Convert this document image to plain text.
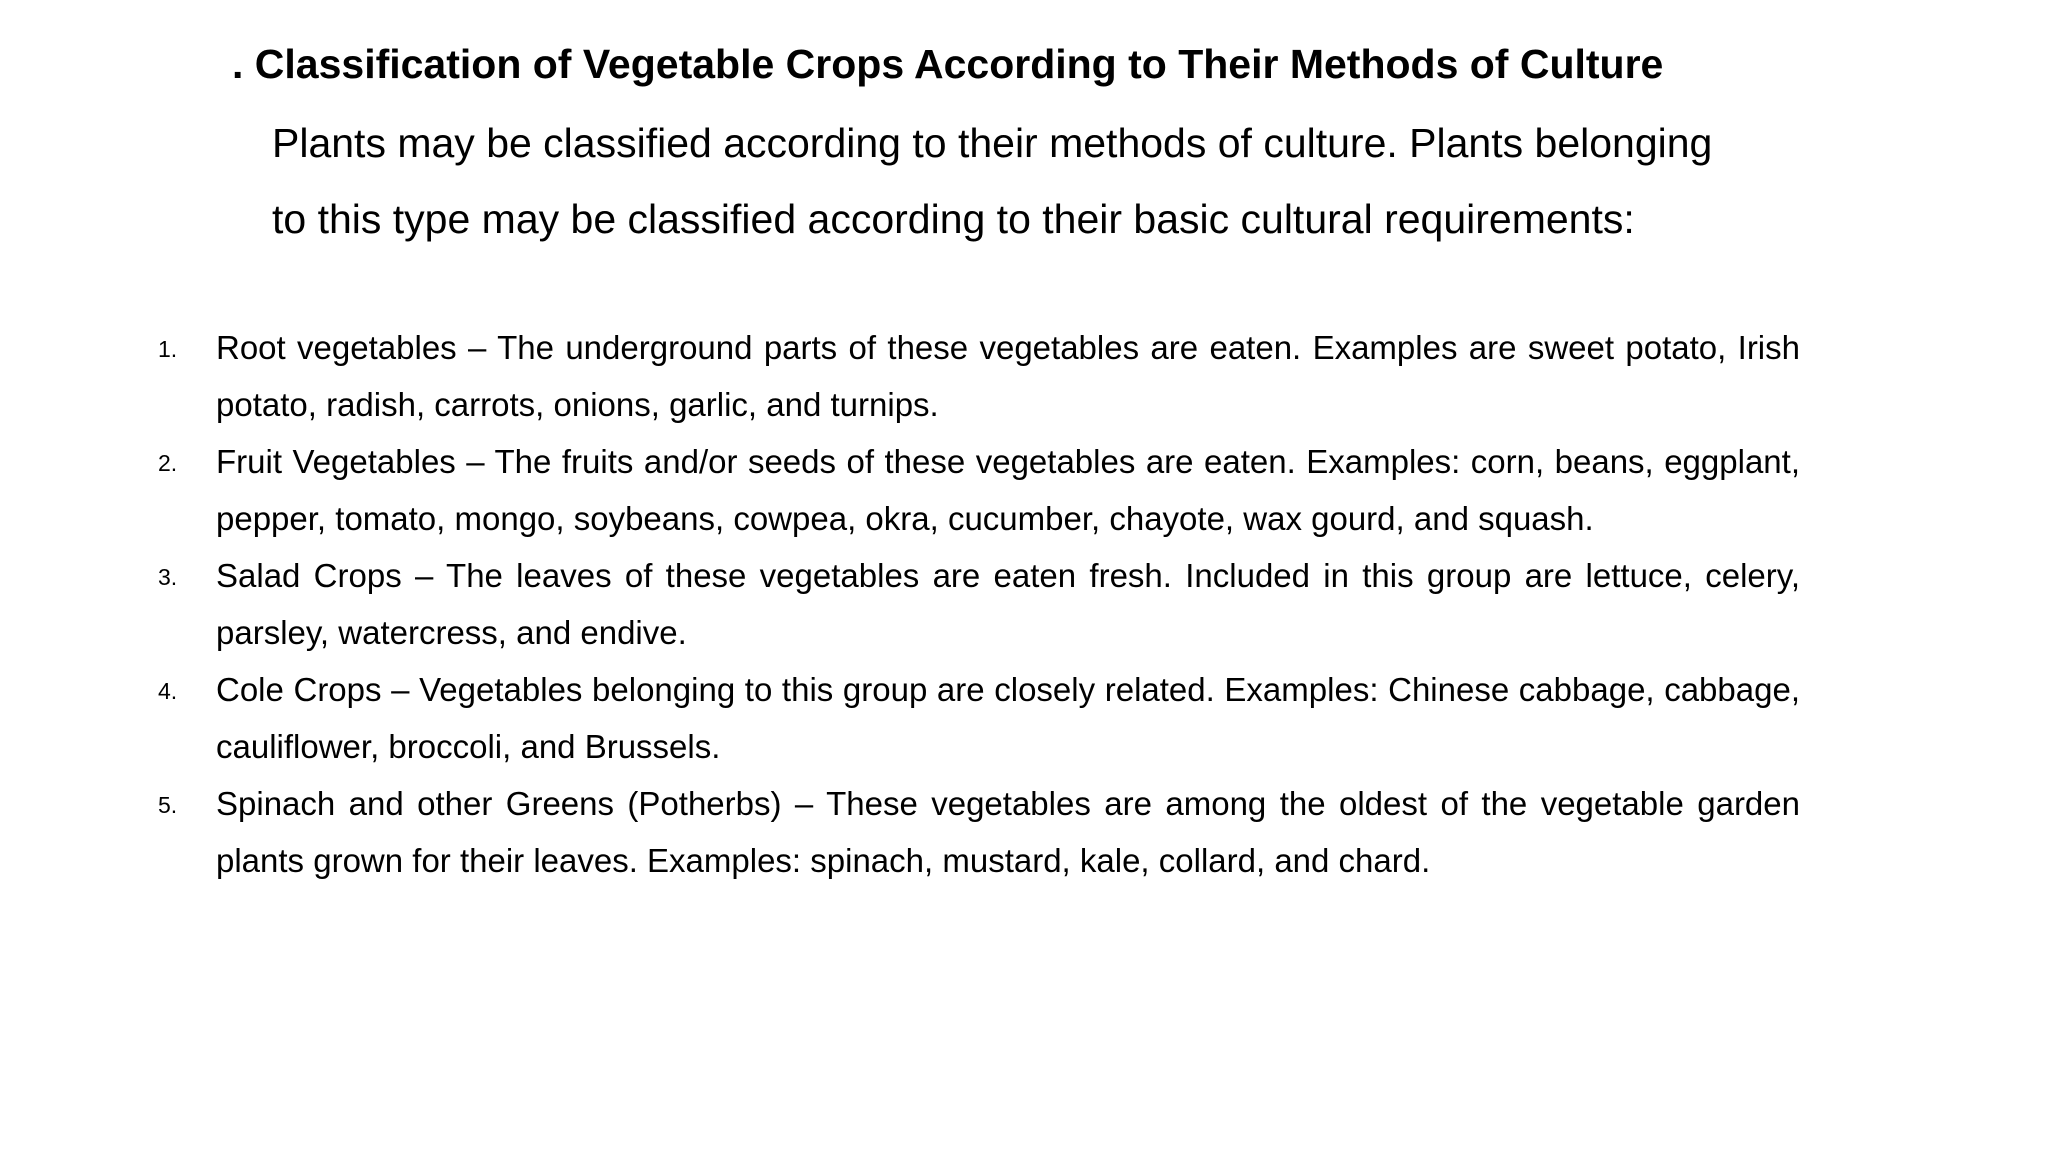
. Classification of Vegetable Crops According to Their Methods of Culture

Plants may be classified according to their methods of culture. Plants belonging
to this type may be classified according to their basic cultural requirements:

1. Root vegetables – The underground parts of these vegetables are eaten. Examples are sweet potato, Irish potato, radish, carrots, onions, garlic, and turnips.
2. Fruit Vegetables – The fruits and/or seeds of these vegetables are eaten. Examples: corn, beans, eggplant, pepper, tomato, mongo, soybeans, cowpea, okra, cucumber, chayote, wax gourd, and squash.
3. Salad Crops – The leaves of these vegetables are eaten fresh. Included in this group are lettuce, celery, parsley, watercress, and endive.
4. Cole Crops – Vegetables belonging to this group are closely related. Examples: Chinese cabbage, cabbage, cauliflower, broccoli, and Brussels.
5. Spinach and other Greens (Potherbs) – These vegetables are among the oldest of the vegetable garden plants grown for their leaves. Examples: spinach, mustard, kale, collard, and chard.
